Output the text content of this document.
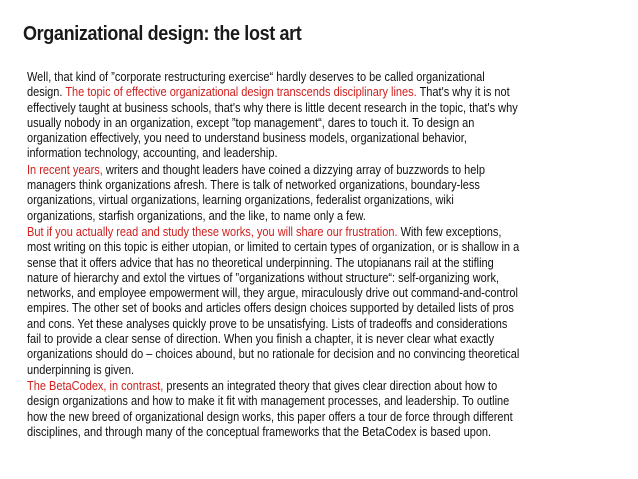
Organizational design: the lost art

Well, that kind of ”corporate restructuring exercise“ hardly deserves to be called organizational
design. The topic of effective organizational design transcends disciplinary lines. That's why it is not
effectively taught at business schools, that's why there is little decent research in the topic, that's why
usually nobody in an organization, except ”top management“, dares to touch it. To design an
organization effectively, you need to understand business models, organizational behavior,
information technology, accounting, and leadership.

In recent years, writers and thought leaders have coined a dizzying array of buzzwords to help
managers think organizations afresh. There is talk of networked organizations, boundary-less
organizations, virtual organizations, learning organizations, federalist organizations, wiki
organizations, starfish organizations, and the like, to name only a few.

But if you actually read and study these works, you will share our frustration. With few exceptions,
most writing on this topic is either utopian, or limited to certain types of organization, or is shallow in a
sense that it offers advice that has no theoretical underpinning. The utopianans rail at the stifling
nature of hierarchy and extol the virtues of ”organizations without structure“: self-organizing work,
networks, and employee empowerment will, they argue, miraculously drive out command-and-control
empires. The other set of books and articles offers design choices supported by detailed lists of pros
and cons. Yet these analyses quickly prove to be unsatisfying. Lists of tradeoffs and considerations
fail to provide a clear sense of direction. When you finish a chapter, it is never clear what exactly
organizations should do – choices abound, but no rationale for decision and no convincing theoretical
underpinning is given.

The BetaCodex, in contrast, presents an integrated theory that gives clear direction about how to
design organizations and how to make it fit with management processes, and leadership. To outline
how the new breed of organizational design works, this paper offers a tour de force through different
disciplines, and through many of the conceptual frameworks that the BetaCodex is based upon.
